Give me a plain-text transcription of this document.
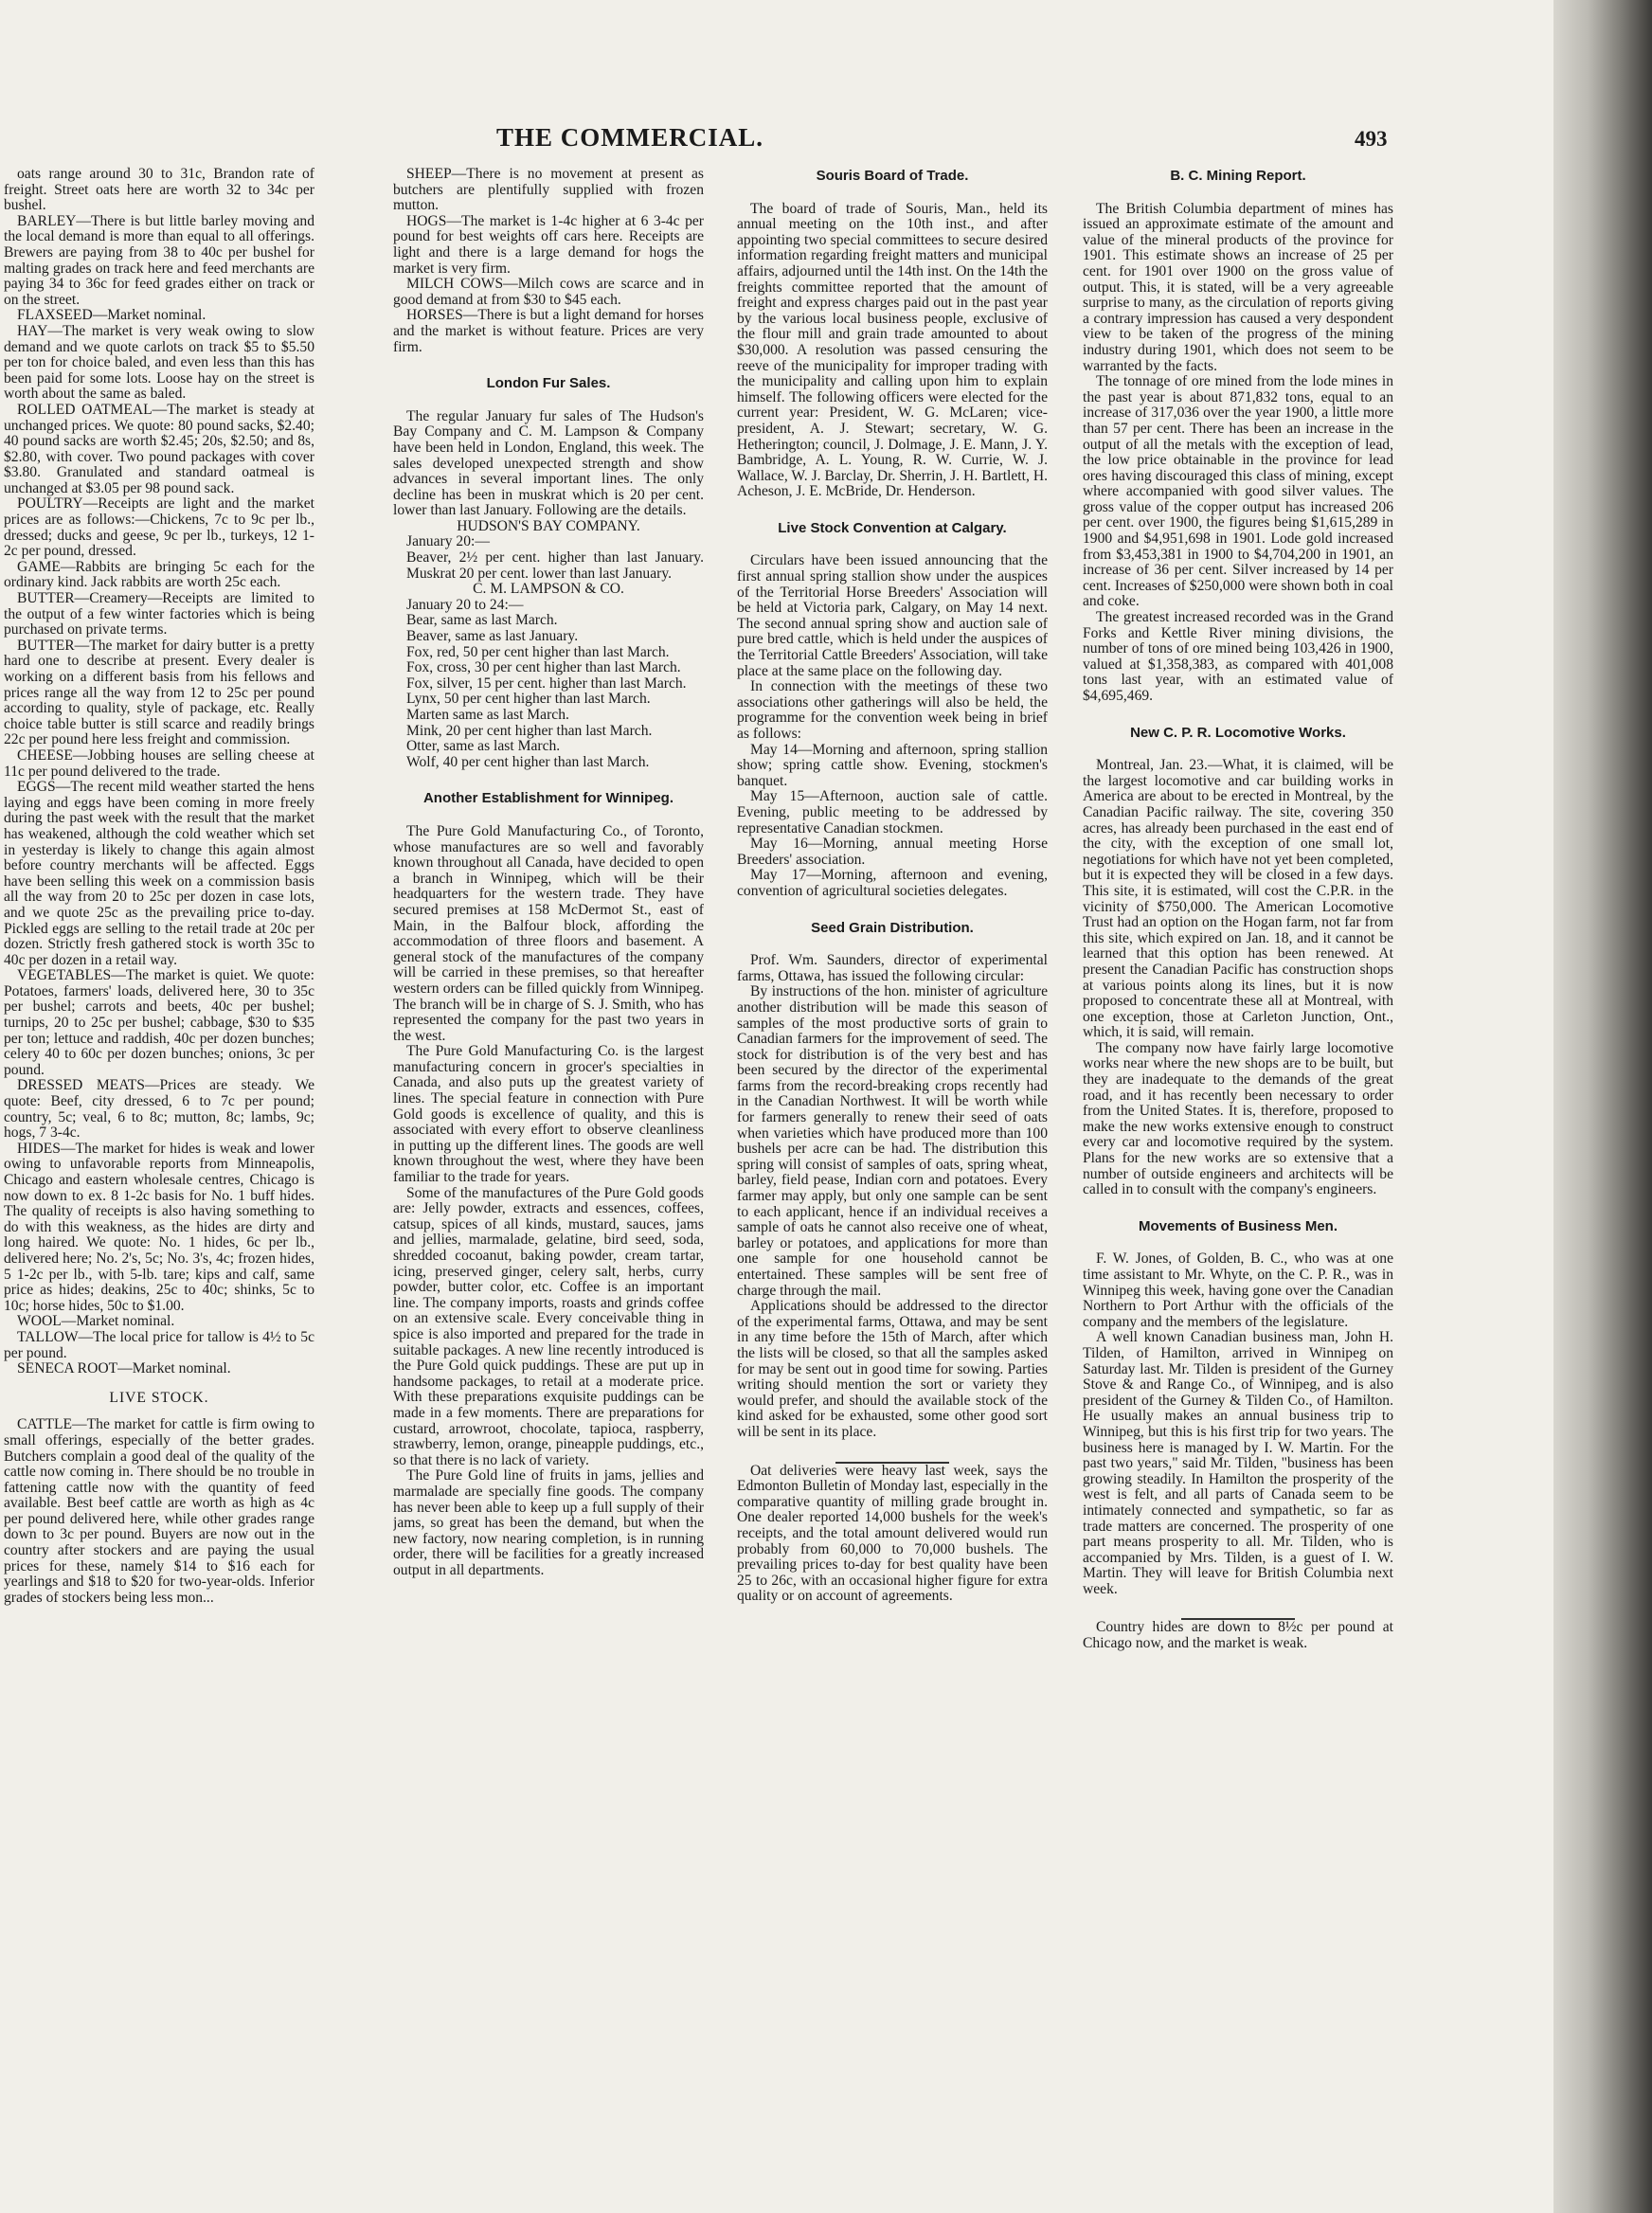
THE COMMERCIAL.	493

oats range around 30 to 31c, Brandon rate of freight. Street oats here are worth 32 to 34c per bushel.

BARLEY—There is but little barley moving and the local demand is more than equal to all offerings. Brewers are paying from 38 to 40c per bushel for malting grades on track here and feed merchants are paying 34 to 36c for feed grades either on track or on the street.

FLAXSEED—Market nominal.

HAY—The market is very weak owing to slow demand and we quote carlots on track $5 to $5.50 per ton for choice baled, and even less than this has been paid for some lots. Loose hay on the street is worth about the same as baled.

ROLLED OATMEAL—The market is steady at unchanged prices. We quote: 80 pound sacks, $2.40; 40 pound sacks are worth $2.45; 20s, $2.50; and 8s, $2.80, with cover. Two pound packages with cover $3.80. Granulated and standard oatmeal is unchanged at $3.05 per 98 pound sack.

POULTRY—Receipts are light and the market prices are as follows:—Chickens, 7c to 9c per lb., dressed; ducks and geese, 9c per lb., turkeys, 12 1-2c per pound, dressed.

GAME—Rabbits are bringing 5c each for the ordinary kind. Jack rabbits are worth 25c each.

BUTTER—Creamery—Receipts are limited to the output of a few winter factories which is being purchased on private terms.

BUTTER—The market for dairy butter is a pretty hard one to describe at present. Every dealer is working on a different basis from his fellows and prices range all the way from 12 to 25c per pound according to quality, style of package, etc. Really choice table butter is still scarce and readily brings 22c per pound here less freight and commission.

CHEESE—Jobbing houses are selling cheese at 11c per pound delivered to the trade.

EGGS—The recent mild weather started the hens laying and eggs have been coming in more freely during the past week with the result that the market has weakened, although the cold weather which set in yesterday is likely to change this again almost before country merchants will be affected. Eggs have been selling this week on a commission basis all the way from 20 to 25c per dozen in case lots, and we quote 25c as the prevailing price to-day. Pickled eggs are selling to the retail trade at 20c per dozen. Strictly fresh gathered stock is worth 35c to 40c per dozen in a retail way.

VEGETABLES—The market is quiet. We quote: Potatoes, farmers' loads, delivered here, 30 to 35c per bushel; carrots and beets, 40c per bushel; turnips, 20 to 25c per bushel; cabbage, $30 to $35 per ton; lettuce and raddish, 40c per dozen bunches; celery 40 to 60c per dozen bunches; onions, 3c per pound.

DRESSED MEATS—Prices are steady. We quote: Beef, city dressed, 6 to 7c per pound; country, 5c; veal, 6 to 8c; mutton, 8c; lambs, 9c; hogs, 7 3-4c.

HIDES—The market for hides is weak and lower owing to unfavorable reports from Minneapolis, Chicago and eastern wholesale centres, Chicago is now down to ex. 8 1-2c basis for No. 1 buff hides. The quality of receipts is also having something to do with this weakness, as the hides are dirty and long haired. We quote: No. 1 hides, 6c per lb., delivered here; No. 2's, 5c; No. 3's, 4c; frozen hides, 5 1-2c per lb., with 5-lb. tare; kips and calf, same price as hides; deakins, 25c to 40c; shinks, 5c to 10c; horse hides, 50c to $1.00.

WOOL—Market nominal.

TALLOW—The local price for tallow is 4½ to 5c per pound.

SENECA ROOT—Market nominal.

LIVE STOCK.

CATTLE—The market for cattle is firm owing to small offerings, especially of the better grades. Butchers complain a good deal of the quality of the cattle now coming in. There should be no trouble in fattening cattle now with the quantity of feed available. Best beef cattle are worth as high as 4c per pound delivered here, while other grades range down to 3c per pound. Buyers are now out in the country after stockers and are paying the usual prices for these, namely $14 to $16 each for yearlings and $18 to $20 for two-year-olds. Inferior grades of stockers being less mon...

SHEEP—There is no movement at present as butchers are plentifully supplied with frozen mutton.

HOGS—The market is 1-4c higher at 6 3-4c per pound for best weights off cars here. Receipts are light and there is a large demand for hogs the market is very firm.

MILCH COWS—Milch cows are scarce and in good demand at from $30 to $45 each.

HORSES—There is but a light demand for horses and the market is without feature. Prices are very firm.

London Fur Sales.

The regular January fur sales of The Hudson's Bay Company and C. M. Lampson & Company have been held in London, England, this week. The sales developed unexpected strength and show advances in several important lines. The only decline has been in muskrat which is 20 per cent. lower than last January. Following are the details.

HUDSON'S BAY COMPANY.

January 20:—

Beaver, 2½ per cent. higher than last January. Muskrat 20 per cent. lower than last January.

C. M. LAMPSON & CO.

January 20 to 24:—

Bear, same as last March.

Beaver, same as last January.

Fox, red, 50 per cent higher than last March.

Fox, cross, 30 per cent higher than last March.

Fox, silver, 15 per cent. higher than last March.

Lynx, 50 per cent higher than last March.

Marten same as last March.

Mink, 20 per cent higher than last March.

Otter, same as last March.

Wolf, 40 per cent higher than last March.

Another Establishment for Winnipeg.

The Pure Gold Manufacturing Co., of Toronto, whose manufactures are so well and favorably known throughout all Canada, have decided to open a branch in Winnipeg, which will be their headquarters for the western trade. They have secured premises at 158 McDermot St., east of Main, in the Balfour block, affording the accommodation of three floors and basement. A general stock of the manufactures of the company will be carried in these premises, so that hereafter western orders can be filled quickly from Winnipeg. The branch will be in charge of S. J. Smith, who has represented the company for the past two years in the west.

The Pure Gold Manufacturing Co. is the largest manufacturing concern in grocer's specialties in Canada, and also puts up the greatest variety of lines. The special feature in connection with Pure Gold goods is excellence of quality, and this is associated with every effort to observe cleanliness in putting up the different lines. The goods are well known throughout the west, where they have been familiar to the trade for years.

Some of the manufactures of the Pure Gold goods are: Jelly powder, extracts and essences, coffees, catsup, spices of all kinds, mustard, sauces, jams and jellies, marmalade, gelatine, bird seed, soda, shredded cocoanut, baking powder, cream tartar, icing, preserved ginger, celery salt, herbs, curry powder, butter color, etc. Coffee is an important line. The company imports, roasts and grinds coffee on an extensive scale. Every conceivable thing in spice is also imported and prepared for the trade in suitable packages. A new line recently introduced is the Pure Gold quick puddings. These are put up in handsome packages, to retail at a moderate price. With these preparations exquisite puddings can be made in a few moments. There are preparations for custard, arrowroot, chocolate, tapioca, raspberry, strawberry, lemon, orange, pineapple puddings, etc., so that there is no lack of variety.

The Pure Gold line of fruits in jams, jellies and marmalade are specially fine goods. The company has never been able to keep up a full supply of their jams, so great has been the demand, but when the new factory, now nearing completion, is in running order, there will be facilities for a greatly increased output in all departments.

Souris Board of Trade.

The board of trade of Souris, Man., held its annual meeting on the 10th inst., and after appointing two special committees to secure desired information regarding freight matters and municipal affairs, adjourned until the 14th inst. On the 14th the freights committee reported that the amount of freight and express charges paid out in the past year by the various local business people, exclusive of the flour mill and grain trade amounted to about $30,000. A resolution was passed censuring the reeve of the municipality for improper trading with the municipality and calling upon him to explain himself. The following officers were elected for the current year: President, W. G. McLaren; vice-president, A. J. Stewart; secretary, W. G. Hetherington; council, J. Dolmage, J. E. Mann, J. Y. Bambridge, A. L. Young, R. W. Currie, W. J. Wallace, W. J. Barclay, Dr. Sherrin, J. H. Bartlett, H. Acheson, J. E. McBride, Dr. Henderson.

Live Stock Convention at Calgary.

Circulars have been issued announcing that the first annual spring stallion show under the auspices of the Territorial Horse Breeders' Association will be held at Victoria park, Calgary, on May 14 next. The second annual spring show and auction sale of pure bred cattle, which is held under the auspices of the Territorial Cattle Breeders' Association, will take place at the same place on the following day.

In connection with the meetings of these two associations other gatherings will also be held, the programme for the convention week being in brief as follows:

May 14—Morning and afternoon, spring stallion show; spring cattle show. Evening, stockmen's banquet.

May 15—Afternoon, auction sale of cattle. Evening, public meeting to be addressed by representative Canadian stockmen.

May 16—Morning, annual meeting Horse Breeders' association.

May 17—Morning, afternoon and evening, convention of agricultural societies delegates.

Seed Grain Distribution.

Prof. Wm. Saunders, director of experimental farms, Ottawa, has issued the following circular:

By instructions of the hon. minister of agriculture another distribution will be made this season of samples of the most productive sorts of grain to Canadian farmers for the improvement of seed. The stock for distribution is of the very best and has been secured by the director of the experimental farms from the record-breaking crops recently had in the Canadian Northwest. It will be worth while for farmers generally to renew their seed of oats when varieties which have produced more than 100 bushels per acre can be had. The distribution this spring will consist of samples of oats, spring wheat, barley, field pease, Indian corn and potatoes. Every farmer may apply, but only one sample can be sent to each applicant, hence if an individual receives a sample of oats he cannot also receive one of wheat, barley or potatoes, and applications for more than one sample for one household cannot be entertained. These samples will be sent free of charge through the mail.

Applications should be addressed to the director of the experimental farms, Ottawa, and may be sent in any time before the 15th of March, after which the lists will be closed, so that all the samples asked for may be sent out in good time for sowing. Parties writing should mention the sort or variety they would prefer, and should the available stock of the kind asked for be exhausted, some other good sort will be sent in its place.

Oat deliveries were heavy last week, says the Edmonton Bulletin of Monday last, especially in the comparative quantity of milling grade brought in. One dealer reported 14,000 bushels for the week's receipts, and the total amount delivered would run probably from 60,000 to 70,000 bushels. The prevailing prices to-day for best quality have been 25 to 26c, with an occasional higher figure for extra quality or on account of agreements.

B. C. Mining Report.

The British Columbia department of mines has issued an approximate estimate of the amount and value of the mineral products of the province for 1901. This estimate shows an increase of 25 per cent. for 1901 over 1900 on the gross value of output. This, it is stated, will be a very agreeable surprise to many, as the circulation of reports giving a contrary impression has caused a very despondent view to be taken of the progress of the mining industry during 1901, which does not seem to be warranted by the facts.

The tonnage of ore mined from the lode mines in the past year is about 871,832 tons, equal to an increase of 317,036 over the year 1900, a little more than 57 per cent. There has been an increase in the output of all the metals with the exception of lead, the low price obtainable in the province for lead ores having discouraged this class of mining, except where accompanied with good silver values. The gross value of the copper output has increased 206 per cent. over 1900, the figures being $1,615,289 in 1900 and $4,951,698 in 1901. Lode gold increased from $3,453,381 in 1900 to $4,704,200 in 1901, an increase of 36 per cent. Silver increased by 14 per cent. Increases of $250,000 were shown both in coal and coke.

The greatest increased recorded was in the Grand Forks and Kettle River mining divisions, the number of tons of ore mined being 103,426 in 1900, valued at $1,358,383, as compared with 401,008 tons last year, with an estimated value of $4,695,469.

New C. P. R. Locomotive Works.

Montreal, Jan. 23.—What, it is claimed, will be the largest locomotive and car building works in America are about to be erected in Montreal, by the Canadian Pacific railway. The site, covering 350 acres, has already been purchased in the east end of the city, with the exception of one small lot, negotiations for which have not yet been completed, but it is expected they will be closed in a few days. This site, it is estimated, will cost the C.P.R. in the vicinity of $750,000. The American Locomotive Trust had an option on the Hogan farm, not far from this site, which expired on Jan. 18, and it cannot be learned that this option has been renewed. At present the Canadian Pacific has construction shops at various points along its lines, but it is now proposed to concentrate these all at Montreal, with one exception, those at Carleton Junction, Ont., which, it is said, will remain.

The company now have fairly large locomotive works near where the new shops are to be built, but they are inadequate to the demands of the great road, and it has recently been necessary to order from the United States. It is, therefore, proposed to make the new works extensive enough to construct every car and locomotive required by the system. Plans for the new works are so extensive that a number of outside engineers and architects will be called in to consult with the company's engineers.

Movements of Business Men.

F. W. Jones, of Golden, B. C., who was at one time assistant to Mr. Whyte, on the C. P. R., was in Winnipeg this week, having gone over the Canadian Northern to Port Arthur with the officials of the company and the members of the legislature.

A well known Canadian business man, John H. Tilden, of Hamilton, arrived in Winnipeg on Saturday last. Mr. Tilden is president of the Gurney Stove & and Range Co., of Winnipeg, and is also president of the Gurney & Tilden Co., of Hamilton. He usually makes an annual business trip to Winnipeg, but this is his first trip for two years. The business here is managed by I. W. Martin. For the past two years," said Mr. Tilden, "business has been growing steadily. In Hamilton the prosperity of the west is felt, and all parts of Canada seem to be intimately connected and sympathetic, so far as trade matters are concerned. The prosperity of one part means prosperity to all. Mr. Tilden, who is accompanied by Mrs. Tilden, is a guest of I. W. Martin. They will leave for British Columbia next week.

Country hides are down to 8½c per pound at Chicago now, and the market is weak.
